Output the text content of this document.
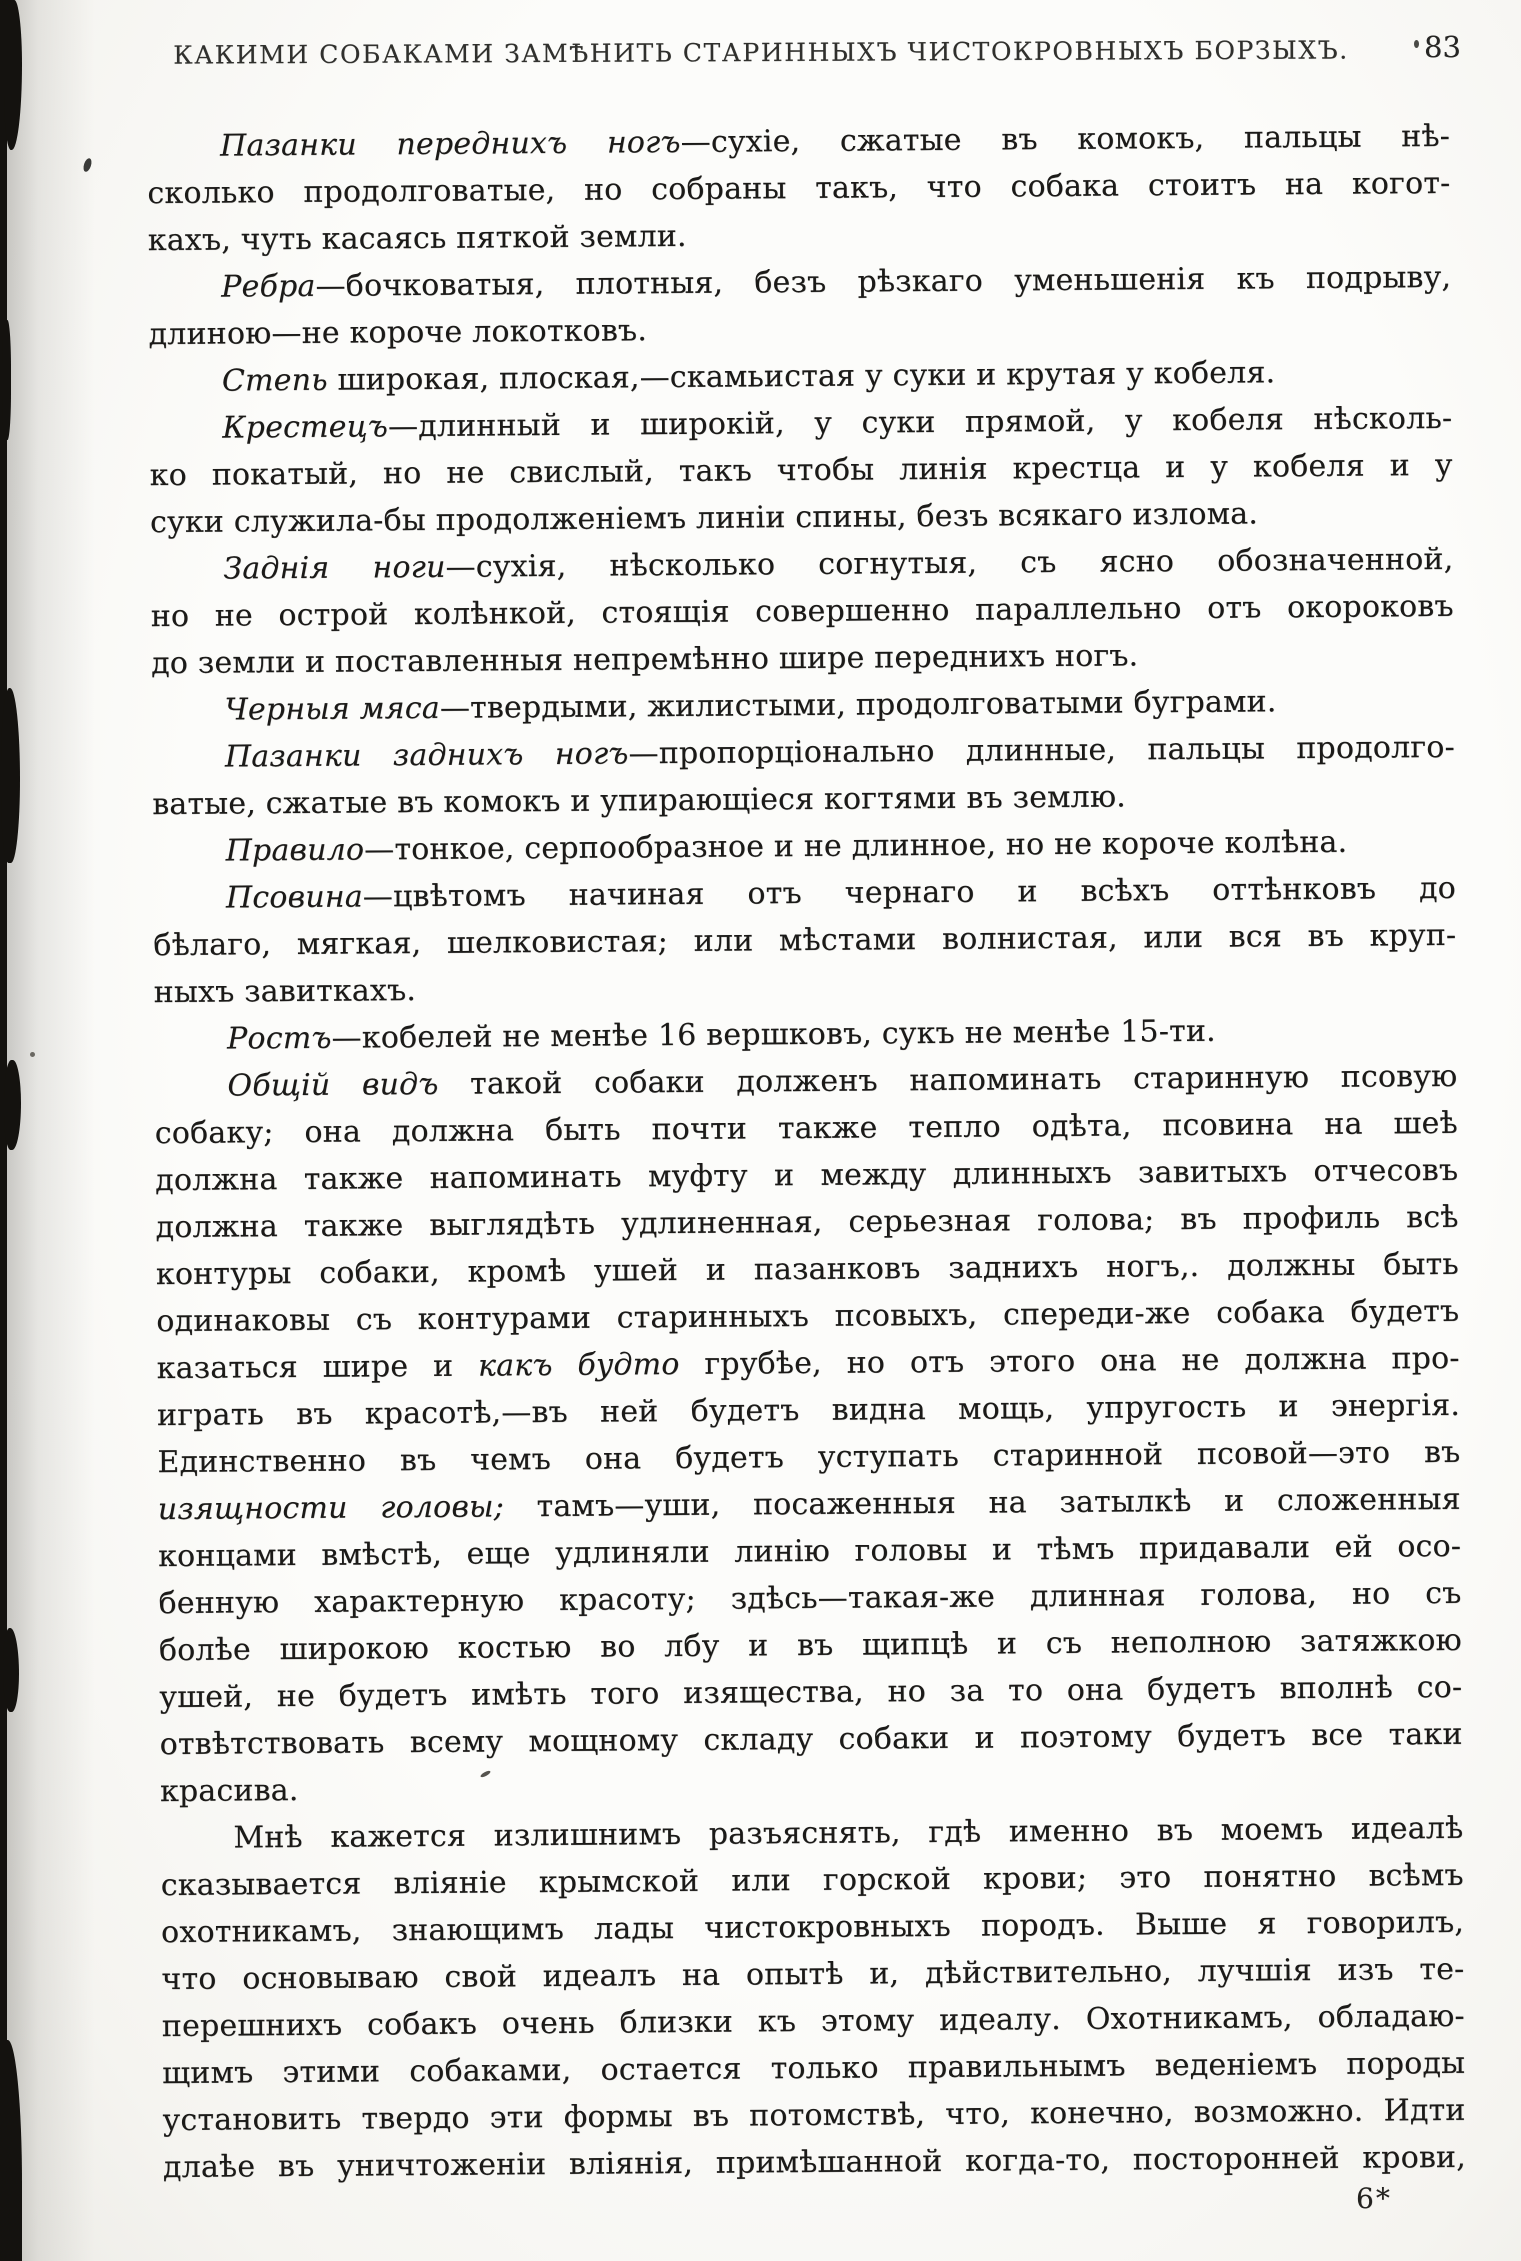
КАКИМИ СОБАКАМИ ЗАМѢНИТЬ СТАРИННЫХЪ ЧИСТОКРОВНЫХЪ БОРЗЫХЪ.	83
Пазанки переднихъ ногъ—сухіе, сжатые въ комокъ, пальцы нѣ-
сколько продолговатые, но собраны такъ, что собака стоитъ на когот-
кахъ, чуть касаясь пяткой земли.
Ребра—бочковатыя, плотныя, безъ рѣзкаго уменьшенія къ подрыву,
длиною—не короче локотковъ.
Степь широкая, плоская,—скамьистая у суки и крутая у кобеля.
Крестецъ—длинный и широкій, у суки прямой, у кобеля нѣсколь-
ко покатый, но не свислый, такъ чтобы линія крестца и у кобеля и у
суки служила-бы продолженіемъ линіи спины, безъ всякаго излома.
Заднія ноги—сухія, нѣсколько согнутыя, съ ясно обозначенной,
но не острой колѣнкой, стоящія совершенно параллельно отъ окороковъ
до земли и поставленныя непремѣнно шире переднихъ ногъ.
Черныя мяса—твердыми, жилистыми, продолговатыми буграми.
Пазанки заднихъ ногъ—пропорціонально длинные, пальцы продолго-
ватые, сжатые въ комокъ и упирающіеся когтями въ землю.
Правило—тонкое, серпообразное и не длинное, но не короче колѣна.
Псовина—цвѣтомъ начиная отъ чернаго и всѣхъ оттѣнковъ до
бѣлаго, мягкая, шелковистая; или мѣстами волнистая, или вся въ круп-
ныхъ завиткахъ.
Ростъ—кобелей не менѣе 16 вершковъ, сукъ не менѣе 15-ти.
Общій видъ такой собаки долженъ напоминать старинную псовую
собаку; она должна быть почти также тепло одѣта, псовина на шеѣ
должна также напоминать муфту и между длинныхъ завитыхъ отчесовъ
должна также выглядѣть удлиненная, серьезная голова; въ профиль всѣ
контуры собаки, кромѣ ушей и пазанковъ заднихъ ногъ,. должны быть
одинаковы съ контурами старинныхъ псовыхъ, спереди-же собака будетъ
казаться шире и какъ будто грубѣе, но отъ этого она не должна про-
играть въ красотѣ,—въ ней будетъ видна мощь, упругость и энергія.
Единственно въ чемъ она будетъ уступать старинной псовой—это въ
изящности головы; тамъ—уши, посаженныя на затылкѣ и сложенныя
концами вмѣстѣ, еще удлиняли линію головы и тѣмъ придавали ей осо-
бенную характерную красоту; здѣсь—такая-же длинная голова, но съ
болѣе широкою костью во лбу и въ щипцѣ и съ неполною затяжкою
ушей, не будетъ имѣть того изящества, но за то она будетъ вполнѣ со-
отвѣтствовать всему мощному складу собаки и поэтому будетъ все таки
красива.
Мнѣ кажется излишнимъ разъяснять, гдѣ именно въ моемъ идеалѣ
сказывается вліяніе крымской или горской крови; это понятно всѣмъ
охотникамъ, знающимъ лады чистокровныхъ породъ. Выше я говорилъ,
что основываю свой идеалъ на опытѣ и, дѣйствительно, лучшія изъ те-
перешнихъ собакъ очень близки къ этому идеалу. Охотникамъ, обладаю-
щимъ этими собаками, остается только правильнымъ веденіемъ породы
установить твердо эти формы въ потомствѣ, что, конечно, возможно. Идти
длаѣе въ уничтоженіи вліянія, примѣшанной когда-то, посторонней крови,
6*
